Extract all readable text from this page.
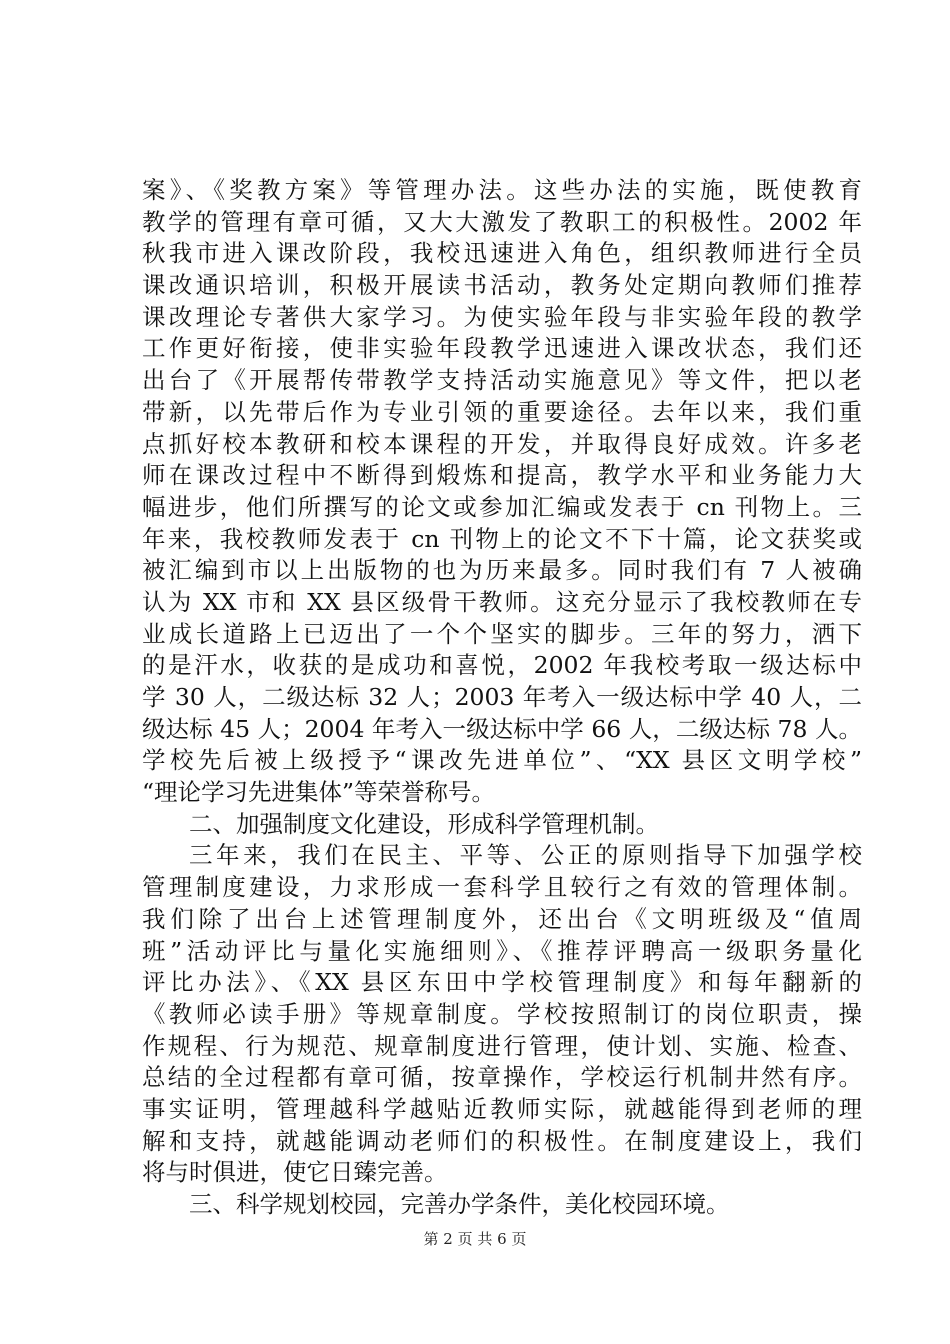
案》、《奖教方案》等管理办法。这些办法的实施，既使教育
教学的管理有章可循，又大大激发了教职工的积极性。2002 年
秋我市进入课改阶段，我校迅速进入角色，组织教师进行全员
课改通识培训，积极开展读书活动，教务处定期向教师们推荐
课改理论专著供大家学习。为使实验年段与非实验年段的教学
工作更好衔接，使非实验年段教学迅速进入课改状态，我们还
出台了《开展帮传带教学支持活动实施意见》等文件，把以老
带新，以先带后作为专业引领的重要途径。去年以来，我们重
点抓好校本教研和校本课程的开发，并取得良好成效。许多老
师在课改过程中不断得到煅炼和提高，教学水平和业务能力大
幅进步，他们所撰写的论文或参加汇编或发表于 cn 刊物上。三
年来，我校教师发表于 cn 刊物上的论文不下十篇，论文获奖或
被汇编到市以上出版物的也为历来最多。同时我们有 7 人被确
认为 XX 市和 XX 县区级骨干教师。这充分显示了我校教师在专
业成长道路上已迈出了一个个坚实的脚步。三年的努力，洒下
的是汗水，收获的是成功和喜悦，2002 年我校考取一级达标中
学 30 人，二级达标 32 人；2003 年考入一级达标中学 40 人，二
级达标 45 人；2004 年考入一级达标中学 66 人，二级达标 78 人。
学校先后被上级授予“课改先进单位”、“XX 县区文明学校”
“理论学习先进集体”等荣誉称号。
二、加强制度文化建设，形成科学管理机制。
三年来，我们在民主、平等、公正的原则指导下加强学校
管理制度建设，力求形成一套科学且较行之有效的管理体制。
我们除了出台上述管理制度外，还出台《文明班级及“值周
班”活动评比与量化实施细则》、《推荐评聘高一级职务量化
评比办法》、《XX 县区东田中学校管理制度》和每年翻新的
《教师必读手册》等规章制度。学校按照制订的岗位职责，操
作规程、行为规范、规章制度进行管理，使计划、实施、检查、
总结的全过程都有章可循，按章操作，学校运行机制井然有序。
事实证明，管理越科学越贴近教师实际，就越能得到老师的理
解和支持，就越能调动老师们的积极性。在制度建设上，我们
将与时俱进，使它日臻完善。
三、科学规划校园，完善办学条件，美化校园环境。
第 2 页 共 6 页
